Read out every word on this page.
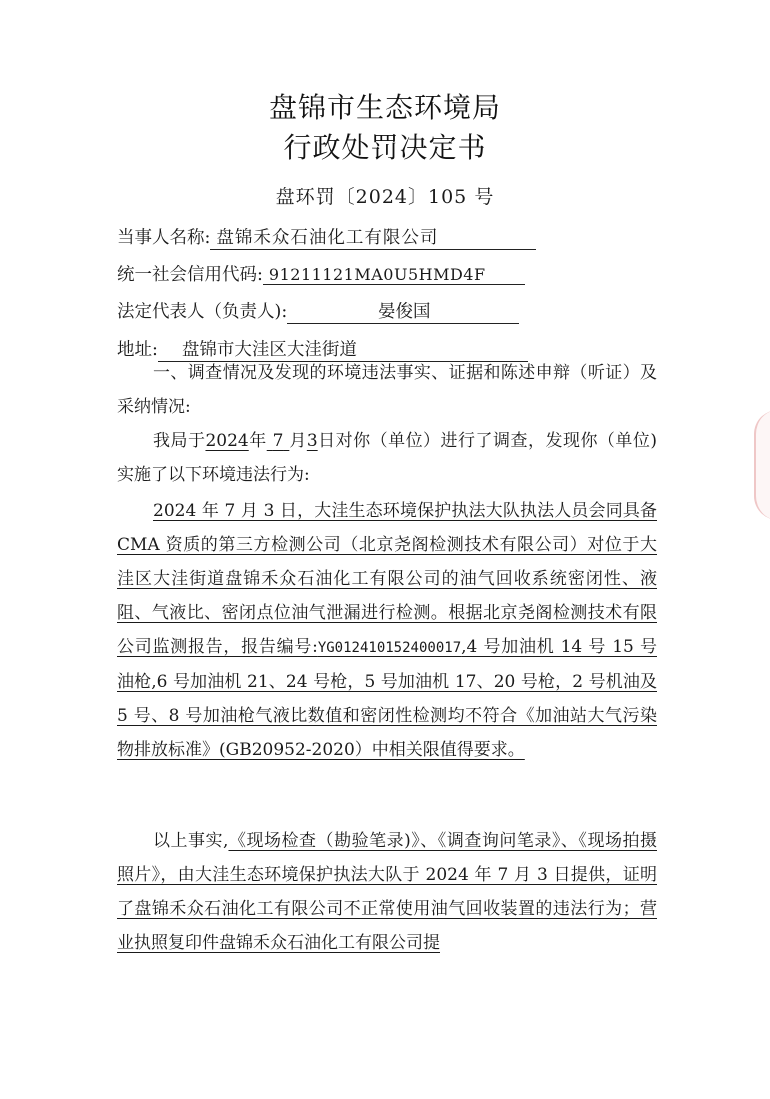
盘锦市生态环境局
行政处罚决定书
盘环罚〔2024〕105 号
当事人名称: 盘锦禾众石油化工有限公司
统一社会信用代码: 91211121MA0U5HMD4F
法定代表人（负责人):	晏俊国
地址: 盘锦市大洼区大洼街道
一、调查情况及发现的环境违法事实、证据和陈述申辩（听证）及采纳情况:
我局于2024年 7 月3日对你（单位）进行了调查，发现你（单位)实施了以下环境违法行为:
2024 年 7 月 3 日，大洼生态环境保护执法大队执法人员会同具备 CMA 资质的第三方检测公司（北京尧阁检测技术有限公司）对位于大洼区大洼街道盘锦禾众石油化工有限公司的油气回收系统密闭性、液阻、气液比、密闭点位油气泄漏进行检测。根据北京尧阁检测技术有限公司监测报告，报告编号:YG012410152400017,4 号加油机 14 号 15 号油枪,6 号加油机 21、24 号枪，5 号加油机 17、20 号枪，2 号机油及 5 号、8 号加油枪气液比数值和密闭性检测均不符合《加油站大气污染物排放标准》(GB20952-2020）中相关限值得要求。
以上事实,《现场检查（勘验笔录)》、《调查询问笔录》、《现场拍摄照片》，由大洼生态环境保护执法大队于 2024 年 7 月 3 日提供，证明了盘锦禾众石油化工有限公司不正常使用油气回收装置的违法行为；营业执照复印件盘锦禾众石油化工有限公司提
